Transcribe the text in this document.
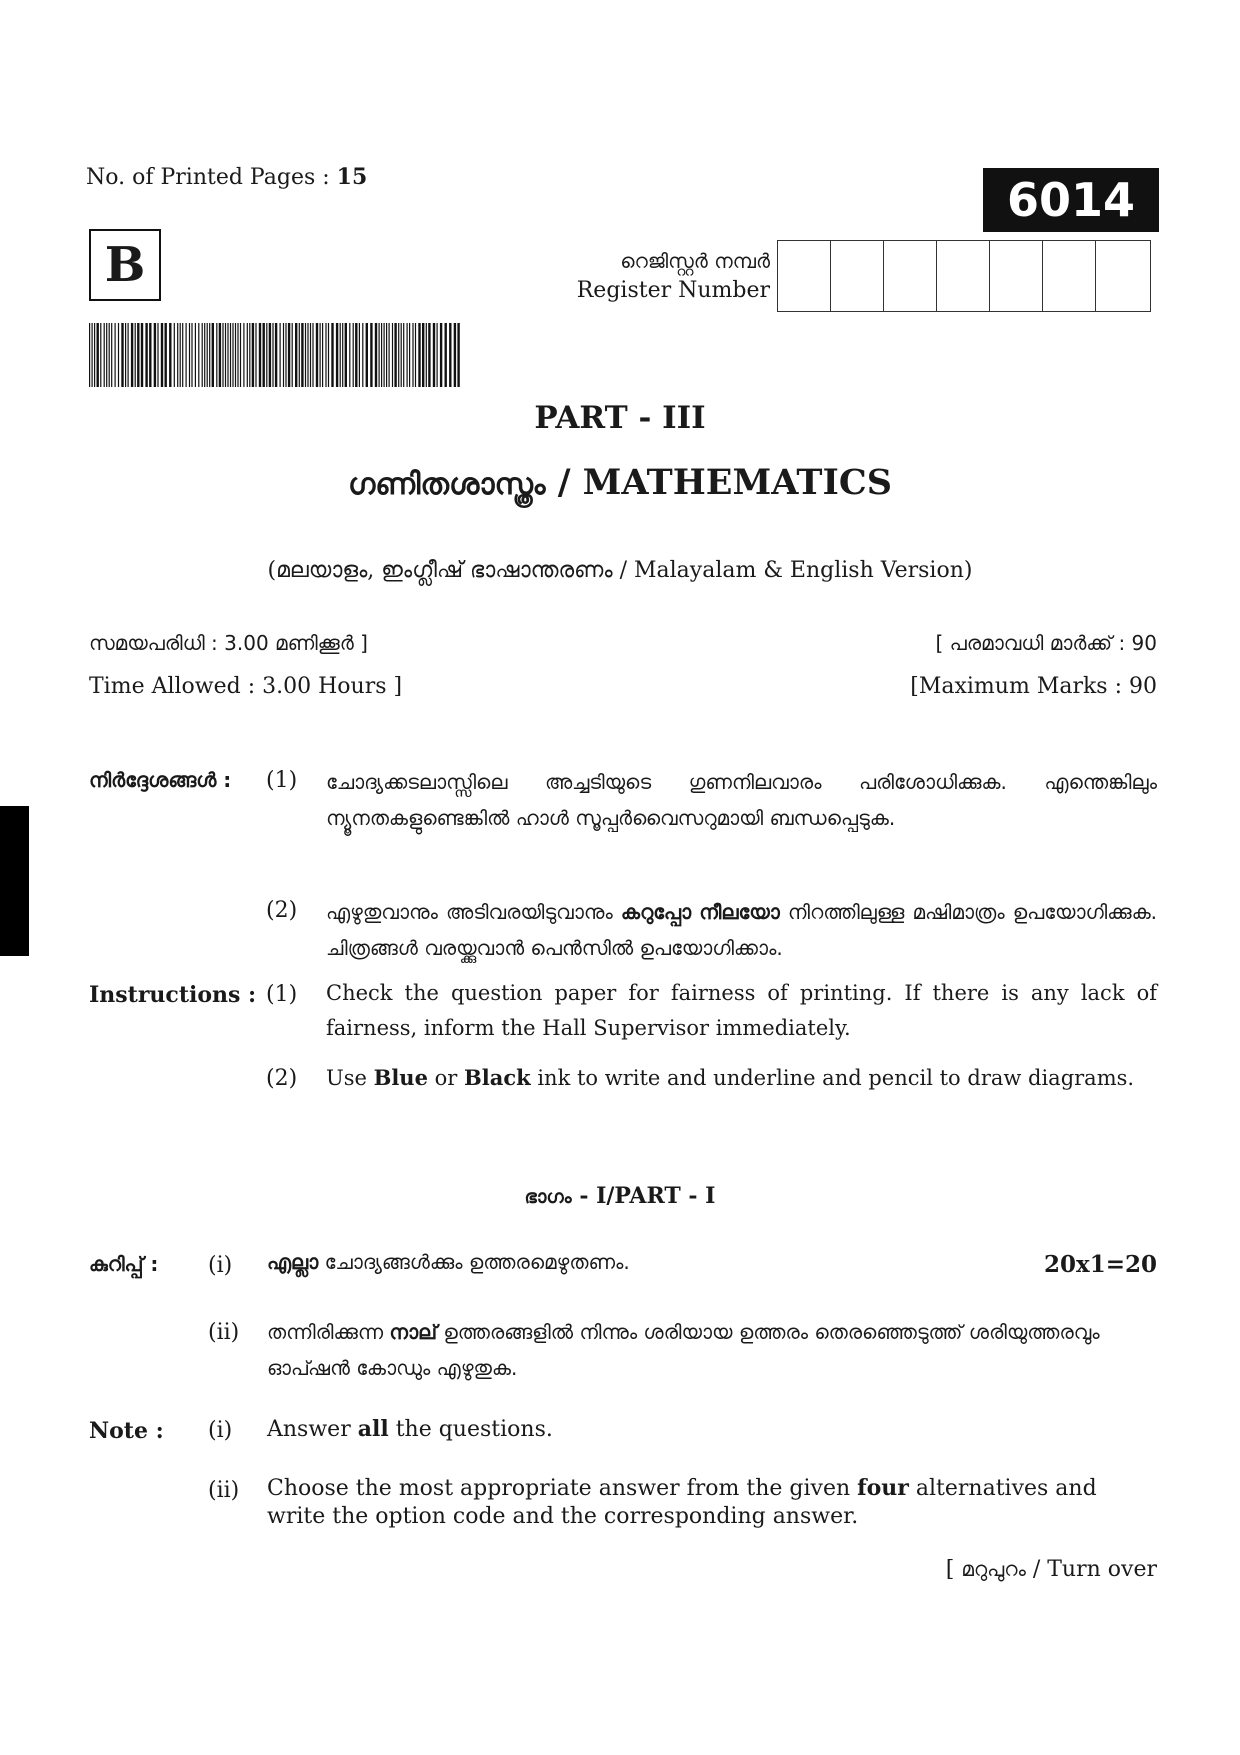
No. of Printed Pages : 15	6014
B	റെജിസ്റ്റർ നമ്പർ
Register Number
PART - III
ഗണിതശാസ്ത്രം / MATHEMATICS
(മലയാളം, ഇംഗ്ലീഷ് ഭാഷാന്തരണം / Malayalam & English Version)
സമയപരിധി : 3.00 മണിക്കൂർ ]	[ പരമാവധി മാർക്ക് : 90
Time Allowed : 3.00 Hours ]	[Maximum Marks : 90
നിർദ്ദേശങ്ങൾ : (1) ചോദ്യക്കടലാസ്സിലെ അച്ചടിയുടെ ഗുണനിലവാരം പരിശോധിക്കുക. എന്തെങ്കിലും ന്യൂനതകളുണ്ടെങ്കിൽ ഹാൾ സൂപ്പർവൈസറുമായി ബന്ധപ്പെടുക.
(2) എഴുതുവാനും അടിവരയിടുവാനും കറുപ്പോ നീലയോ നിറത്തിലുള്ള മഷിമാത്രം ഉപയോഗിക്കുക. ചിത്രങ്ങൾ വരയ്ക്കുവാൻ പെൻസിൽ ഉപയോഗിക്കാം.
Instructions : (1) Check the question paper for fairness of printing. If there is any lack of fairness, inform the Hall Supervisor immediately.
(2) Use Blue or Black ink to write and underline and pencil to draw diagrams.
ഭാഗം - I/PART - I
കുറിപ്പ് : (i) എല്ലാ ചോദ്യങ്ങൾക്കും ഉത്തരമെഴുതണം.	20x1=20
(ii) തന്നിരിക്കുന്ന നാല് ഉത്തരങ്ങളിൽ നിന്നും ശരിയായ ഉത്തരം തെരഞ്ഞെടുത്ത് ശരിയുത്തരവും ഓപ്ഷൻ കോഡും എഴുതുക.
Note : (i) Answer all the questions.
(ii) Choose the most appropriate answer from the given four alternatives and write the option code and the corresponding answer.
[ മറുപുറം / Turn over
